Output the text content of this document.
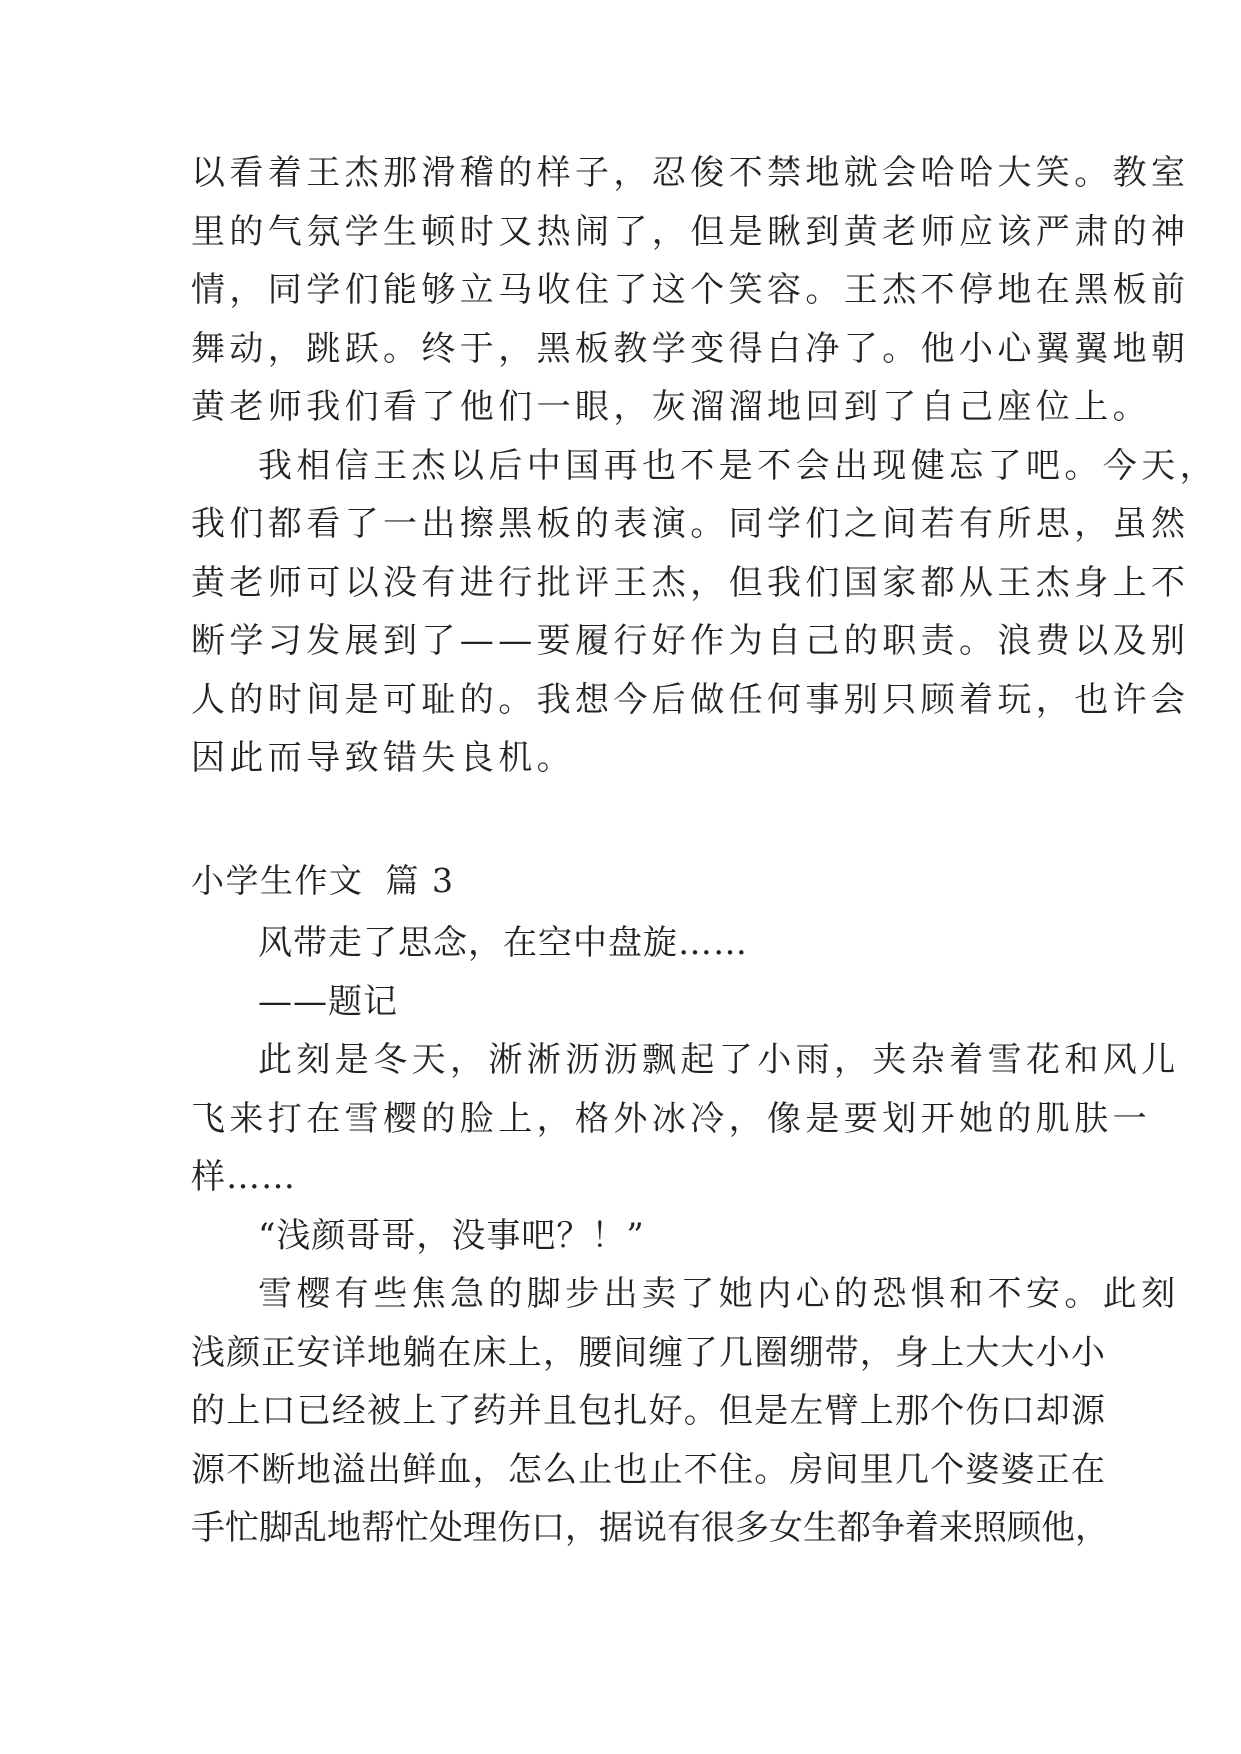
以看着王杰那滑稽的样子，忍俊不禁地就会哈哈大笑。教室
里的气氛学生顿时又热闹了，但是瞅到黄老师应该严肃的神
情，同学们能够立马收住了这个笑容。王杰不停地在黑板前
舞动，跳跃。终于，黑板教学变得白净了。他小心翼翼地朝
黄老师我们看了他们一眼，灰溜溜地回到了自己座位上。
我相信王杰以后中国再也不是不会出现健忘了吧。今天，
我们都看了一出擦黑板的表演。同学们之间若有所思，虽然
黄老师可以没有进行批评王杰，但我们国家都从王杰身上不
断学习发展到了——要履行好作为自己的职责。浪费以及别
人的时间是可耻的。我想今后做任何事别只顾着玩，也许会
因此而导致错失良机。
小学生作文 篇 3
风带走了思念，在空中盘旋……
——题记
此刻是冬天，淅淅沥沥飘起了小雨，夹杂着雪花和风儿
飞来打在雪樱的脸上，格外冰冷，像是要划开她的肌肤一
样……
“浅颜哥哥，没事吧？！”
雪樱有些焦急的脚步出卖了她内心的恐惧和不安。此刻
浅颜正安详地躺在床上，腰间缠了几圈绷带，身上大大小小
的上口已经被上了药并且包扎好。但是左臂上那个伤口却源
源不断地溢出鲜血，怎么止也止不住。房间里几个婆婆正在
手忙脚乱地帮忙处理伤口，据说有很多女生都争着来照顾他，
